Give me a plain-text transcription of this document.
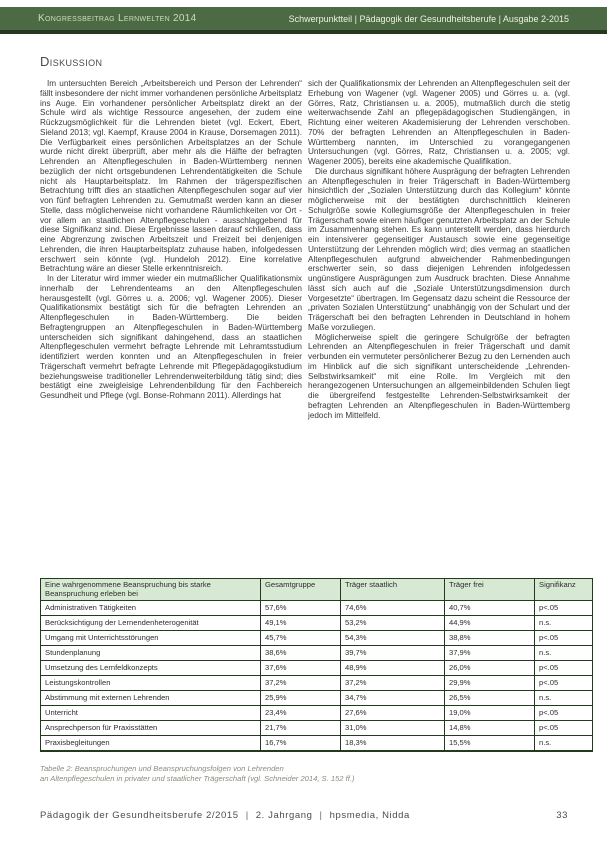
Kongressbeitrag Lernwelten 2014	Schwerpunktteil | Pädagogik der Gesundheitsberufe | Ausgabe 2-2015
Diskussion

Im untersuchten Bereich „Arbeitsbereich und Person der Lehrenden“ fällt insbesondere der nicht immer vorhandenen persönliche Arbeitsplatz ins Auge. Ein vorhandener persönlicher Arbeitsplatz direkt an der Schule wird als wichtige Ressource angesehen, der zudem eine Rückzugsmöglichkeit für die Lehrenden bietet (vgl. Eckert, Ebert, Sieland 2013; vgl. Kaempf, Krause 2004 in Krause, Dorsemagen 2011). Die Verfügbarkeit eines persönlichen Arbeitsplatzes an der Schule wurde nicht direkt überprüft, aber mehr als die Hälfte der befragten Lehrenden an Altenpflegeschulen in Baden-Württemberg nennen bezüglich der nicht ortsgebundenen Lehrendentätigkeiten die Schule nicht als Hauptarbeitsplatz. Im Rahmen der trägerspezifischen Betrachtung trifft dies an staatlichen Altenpflegeschulen sogar auf vier von fünf befragten Lehrenden zu. Gemutmaßt werden kann an dieser Stelle, dass möglicherweise nicht vorhandene Räumlichkeiten vor Ort - vor allem an staatlichen Altenpflegeschulen - ausschlaggebend für diese Signifikanz sind. Diese Ergebnisse lassen darauf schließen, dass eine Abgrenzung zwischen Arbeitszeit und Freizeit bei denjenigen Lehrenden, die ihren Hauptarbeitsplatz zuhause haben, infolgedessen erschwert sein könnte (vgl. Hundeloh 2012). Eine korrelative Betrachtung wäre an dieser Stelle erkenntnisreich.

In der Literatur wird immer wieder ein mutmaßlicher Qualifikationsmix innerhalb der Lehrendenteams an den Altenpflegeschulen herausgestellt (vgl. Görres u. a. 2006; vgl. Wagener 2005). Dieser Qualifikationsmix bestätigt sich für die befragten Lehrenden an Altenpflegeschulen in Baden-Württemberg. Die beiden Befragtengruppen an Altenpflegeschulen in Baden-Württemberg unterscheiden sich signifikant dahingehend, dass an staatlichen Altenpflegeschulen vermehrt befragte Lehrende mit Lehramtsstudium identifiziert werden konnten und an Altenpflegeschulen in freier Trägerschaft vermehrt befragte Lehrende mit Pflegepädagogikstudium beziehungsweise traditioneller Lehrendenweiterbildung tätig sind; dies bestätigt eine zweigleisige Lehrendenbildung für den Fachbereich Gesundheit und Pflege (vgl. Bonse-Rohmann 2011). Allerdings hat

sich der Qualifikationsmix der Lehrenden an Altenpflegeschulen seit der Erhebung von Wagener (vgl. Wagener 2005) und Görres u. a. (vgl. Görres, Ratz, Christiansen u. a. 2005), mutmaßlich durch die stetig weiterwachsende Zahl an pflegepädagogischen Studiengängen, in Richtung einer weiteren Akademisierung der Lehrenden verschoben. 70% der befragten Lehrenden an Altenpflegeschulen in Baden-Württemberg nannten, im Unterschied zu vorangegangenen Untersuchungen (vgl. Görres, Ratz, Christiansen u. a. 2005; vgl. Wagener 2005), bereits eine akademische Qualifikation.

Die durchaus signifikant höhere Ausprägung der befragten Lehrenden an Altenpflegeschulen in freier Trägerschaft in Baden-Württemberg hinsichtlich der „Sozialen Unterstützung durch das Kollegium“ könnte möglicherweise mit der bestätigten durchschnittlich kleineren Schulgröße sowie Kollegiumsgröße der Altenpflegeschulen in freier Trägerschaft sowie einem häufiger genutzten Arbeitsplatz an der Schule im Zusammenhang stehen. Es kann unterstellt werden, dass hierdurch ein intensiverer gegenseitiger Austausch sowie eine gegenseitige Unterstützung der Lehrenden möglich wird; dies vermag an staatlichen Altenpflegeschulen aufgrund abweichender Rahmenbedingungen erschwerter sein, so dass diejenigen Lehrenden infolgedessen ungünstigere Ausprägungen zum Ausdruck brachten. Diese Annahme lässt sich auch auf die „Soziale Unterstützungsdimension durch Vorgesetzte“ übertragen. Im Gegensatz dazu scheint die Ressource der „privaten Sozialen Unterstützung“ unabhängig von der Schulart und der Trägerschaft bei den befragten Lehrenden in Deutschland in hohem Maße vorzuliegen.

Möglicherweise spielt die geringere Schulgröße der befragten Lehrenden an Altenpflegeschulen in freier Trägerschaft und damit verbunden ein vermuteter persönlicherer Bezug zu den Lernenden auch im Hinblick auf die sich signifikant unterscheidende „Lehrenden-Selbstwirksamkeit“ mit eine Rolle. Im Vergleich mit den herangezogenen Untersuchungen an allgemeinbildenden Schulen liegt die übergreifend festgestellte Lehrenden-Selbstwirksamkeit der befragten Lehrenden an Altenpflegeschulen in Baden-Württemberg jedoch im Mittelfeld.

Eine wahrgenommene Beanspruchung bis starke Beanspruchung erleben bei	Gesamtgruppe	Träger staatlich	Träger frei	Signifikanz
Administrativen Tätigkeiten	57,6%	74,6%	40,7%	p<.05
Berücksichtigung der Lernendenheterogenität	49,1%	53,2%	44,9%	n.s.
Umgang mit Unterrichtsstörungen	45,7%	54,3%	38,8%	p<.05
Stundenplanung	38,6%	39,7%	37,9%	n.s.
Umsetzung des Lernfeldkonzepts	37,6%	48,9%	26,0%	p<.05
Leistungskontrollen	37,2%	37,2%	29,9%	p<.05
Abstimmung mit externen Lehrenden	25,9%	34,7%	26,5%	n.s.
Unterricht	23,4%	27,6%	19,0%	p<.05
Ansprechperson für Praxisstätten	21,7%	31,0%	14,8%	p<.05
Praxisbegleitungen	16,7%	18,3%	15,5%	n.s.
Tabelle 2: Beanspruchungen und Beanspruchungsfolgen von Lehrenden
an Altenpflegeschulen in privater und staatlicher Trägerschaft (vgl. Schneider 2014, S. 152 ff.)
Pädagogik der Gesundheitsberufe 2/2015 | 2. Jahrgang | hpsmedia, Nidda	33
